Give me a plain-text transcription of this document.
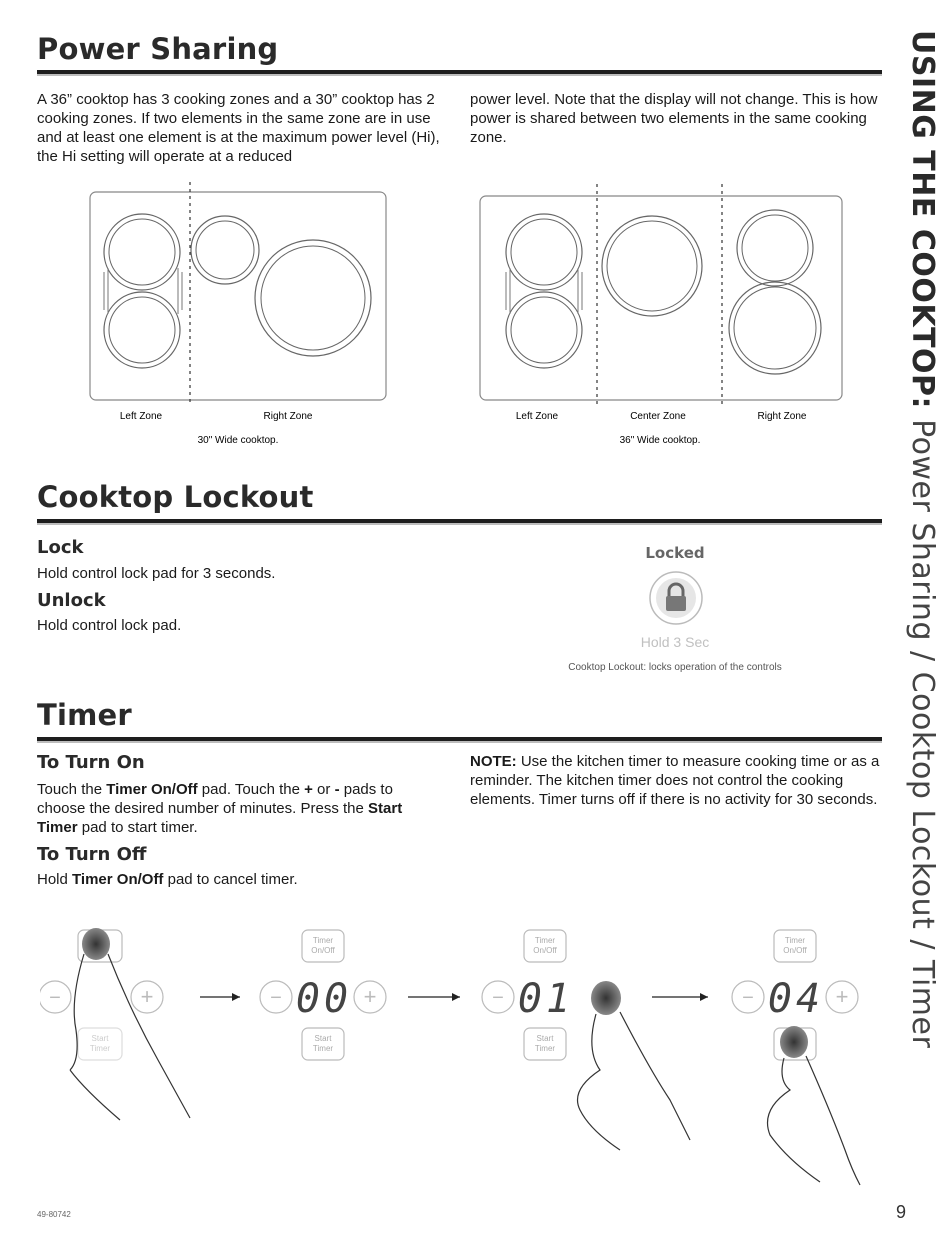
USING THE COOKTOP: Power Sharing / Cooktop Lockout / Timer
Power Sharing
A 36” cooktop has 3 cooking zones and a 30” cooktop has 2 cooking zones. If two elements in the same zone are in use and at least one element is at the maximum power level (Hi), the Hi setting will operate at a reduced
power level. Note that the display will not change. This is how power is shared between two elements in the same cooking zone.
Left Zone	Right Zone
30" Wide cooktop.
Left Zone	Center Zone	Right Zone
36" Wide cooktop.
Cooktop Lockout
Lock
Hold control lock pad for 3 seconds.
Unlock
Hold control lock pad.
Locked
Hold 3 Sec
Cooktop Lockout: locks operation of the controls
Timer
To Turn On
Touch the Timer On/Off pad. Touch the + or - pads to choose the desired number of minutes. Press the Start Timer pad to start timer.
To Turn Off
Hold Timer On/Off pad to cancel timer.
NOTE: Use the kitchen timer to measure cooking time or as a reminder. The kitchen timer does not control the cooking elements. Timer turns off if there is no activity for 30 seconds.
−	+
Start
Timer
Timer
On/Off
− 00 +
Start
Timer
Timer
On/Off
− 01
Start
Timer
Timer
On/Off
− 04 +
49-80742	9
